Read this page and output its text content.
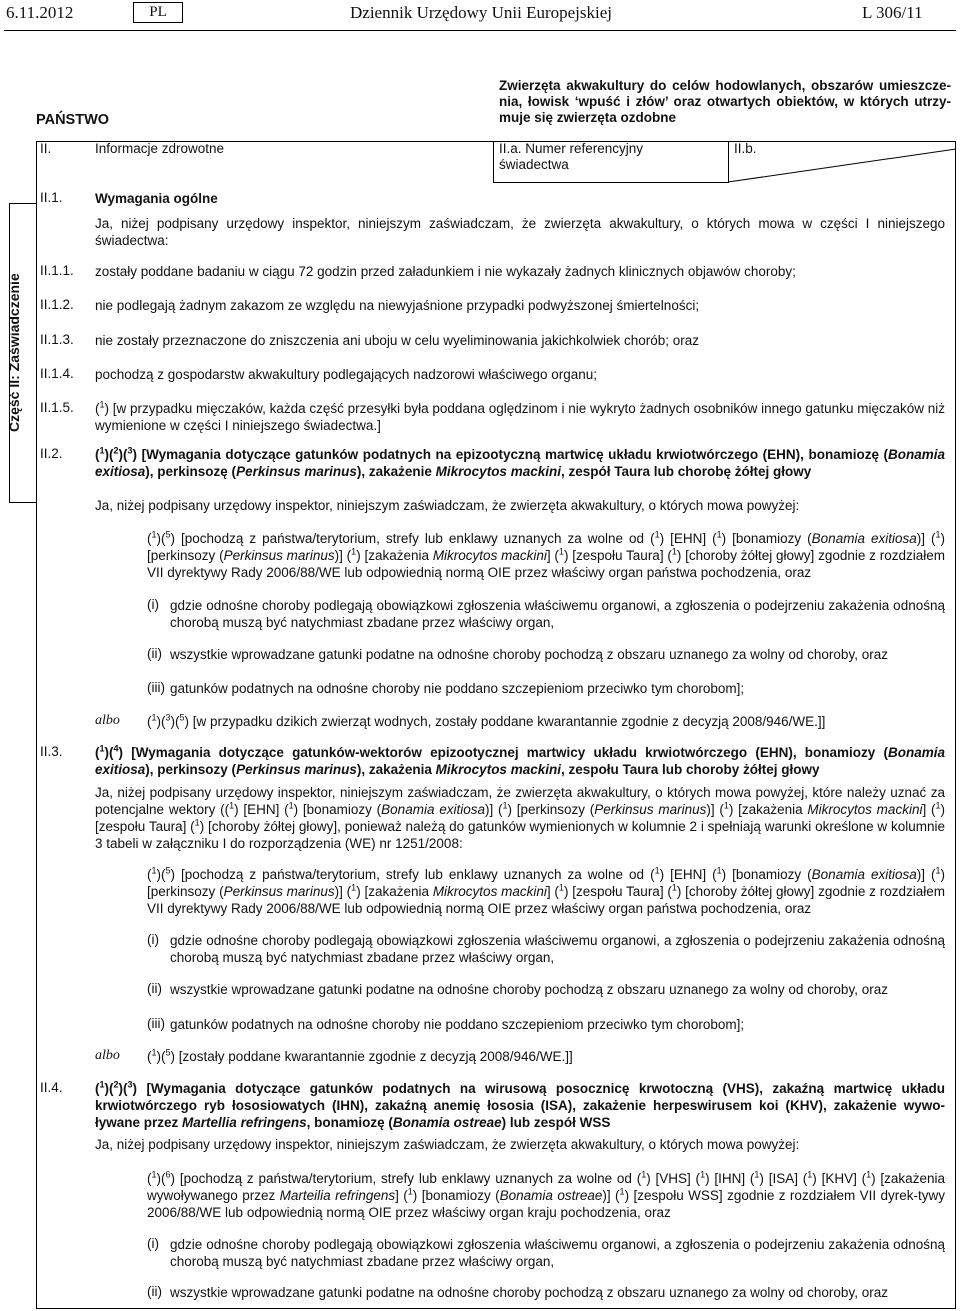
6.11.2012	PL	Dziennik Urzędowy Unii Europejskiej	L 306/11
PAŃSTWO
Zwierzęta akwakultury do celów hodowlanych, obszarów umieszcze-nia, łowisk ‘wpuść i złów’ oraz otwartych obiektów, w których utrzy-muje się zwierzęta ozdobne
II.	Informacje zdrowotne	II.a. Numer referencyjny świadectwa
II.b.
Część II: Zaświadczenie
II.1. Wymagania ogólne
Ja, niżej podpisany urzędowy inspektor, niniejszym zaświadczam, że zwierzęta akwakultury, o których mowa w części I niniejszego świadectwa:
II.1.1. zostały poddane badaniu w ciągu 72 godzin przed załadunkiem i nie wykazały żadnych klinicznych objawów choroby;
II.1.2. nie podlegają żadnym zakazom ze względu na niewyjaśnione przypadki podwyższonej śmiertelności;
II.1.3. nie zostały przeznaczone do zniszczenia ani uboju w celu wyeliminowania jakichkolwiek chorób; oraz
II.1.4. pochodzą z gospodarstw akwakultury podlegających nadzorowi właściwego organu;
II.1.5. ($^1$) [w przypadku mięczaków, każda część przesyłki była poddana oględzinom i nie wykryto żadnych osobników innego gatunku mięczaków niż wymienione w części I niniejszego świadectwa.]
II.2. ($^1$)($^2$)($^3$) [Wymagania dotyczące gatunków podatnych na epizootyczną martwicę układu krwiotwórczego (EHN), bonamiozę (Bonamia exitiosa), perkinsozę (Perkinsus marinus), zakażenie Mikrocytos mackini, zespół Taura lub chorobę żółtej głowy
Ja, niżej podpisany urzędowy inspektor, niniejszym zaświadczam, że zwierzęta akwakultury, o których mowa powyżej:
($^1$)($^5$) [pochodzą z państwa/terytorium, strefy lub enklawy uznanych za wolne od ($^1$) [EHN] ($^1$) [bonamiozy (Bonamia exitiosa)] ($^1$) [perkinsozy (Perkinsus marinus)] ($^1$) [zakażenia Mikrocytos mackini] ($^1$) [zespołu Taura] ($^1$) [choroby żółtej głowy] zgodnie z rozdziałem VII dyrektywy Rady 2006/88/WE lub odpowiednią normą OIE przez właściwy organ państwa pochodzenia, oraz
(i) gdzie odnośne choroby podlegają obowiązkowi zgłoszenia właściwemu organowi, a zgłoszenia o podejrzeniu zakażenia odnośną chorobą muszą być natychmiast zbadane przez właściwy organ,
(ii) wszystkie wprowadzane gatunki podatne na odnośne choroby pochodzą z obszaru uznanego za wolny od choroby, oraz
(iii) gatunków podatnych na odnośne choroby nie poddano szczepieniom przeciwko tym chorobom];
albo ($^1$)($^3$)($^5$) [w przypadku dzikich zwierząt wodnych, zostały poddane kwarantannie zgodnie z decyzją 2008/946/WE.]]
II.3. ($^1$)($^4$) [Wymagania dotyczące gatunków-wektorów epizootycznej martwicy układu krwiotwórczego (EHN), bonamiozy (Bonamia exitiosa), perkinsozy (Perkinsus marinus), zakażenia Mikrocytos mackini, zespołu Taura lub choroby żółtej głowy
Ja, niżej podpisany urzędowy inspektor, niniejszym zaświadczam, że zwierzęta akwakultury, o których mowa powyżej, które należy uznać za potencjalne wektory (($^1$) [EHN] ($^1$) [bonamiozy (Bonamia exitiosa)] ($^1$) [perkinsozy (Perkinsus marinus)] ($^1$) [zakażenia Mikrocytos mackini] ($^1$) [zespołu Taura] ($^1$) [choroby żółtej głowy], ponieważ należą do gatunków wymienionych w kolumnie 2 i spełniają warunki określone w kolumnie 3 tabeli w załączniku I do rozporządzenia (WE) nr 1251/2008:
($^1$)($^5$) [pochodzą z państwa/terytorium, strefy lub enklawy uznanych za wolne od ($^1$) [EHN] ($^1$) [bonamiozy (Bonamia exitiosa)] ($^1$) [perkinsozy (Perkinsus marinus)] ($^1$) [zakażenia Mikrocytos mackini] ($^1$) [zespołu Taura] ($^1$) [choroby żółtej głowy] zgodnie z rozdziałem VII dyrektywy Rady 2006/88/WE lub odpowiednią normą OIE przez właściwy organ państwa pochodzenia, oraz
(i) gdzie odnośne choroby podlegają obowiązkowi zgłoszenia właściwemu organowi, a zgłoszenia o podejrzeniu zakażenia odnośną chorobą muszą być natychmiast zbadane przez właściwy organ,
(ii) wszystkie wprowadzane gatunki podatne na odnośne choroby pochodzą z obszaru uznanego za wolny od choroby, oraz
(iii) gatunków podatnych na odnośne choroby nie poddano szczepieniom przeciwko tym chorobom];
albo ($^1$)($^5$) [zostały poddane kwarantannie zgodnie z decyzją 2008/946/WE.]]
II.4. ($^1$)($^2$)($^3$) [Wymagania dotyczące gatunków podatnych na wirusową posocznicę krwotoczną (VHS), zakaźną martwicę układu krwiotwórczego ryb łososiowatych (IHN), zakaźną anemię łososia (ISA), zakażenie herpeswirusem koi (KHV), zakażenie wywo-ływane przez Martellia refringens, bonamiozę (Bonamia ostreae) lub zespół WSS
Ja, niżej podpisany urzędowy inspektor, niniejszym zaświadczam, że zwierzęta akwakultury, o których mowa powyżej:
($^1$)($^6$) [pochodzą z państwa/terytorium, strefy lub enklawy uznanych za wolne od ($^1$) [VHS] ($^1$) [IHN] ($^1$) [ISA] ($^1$) [KHV] ($^1$) [zakażenia wywoływanego przez Marteilia refringens] ($^1$) [bonamiozy (Bonamia ostreae)] ($^1$) [zespołu WSS] zgodnie z rozdziałem VII dyrek-tywy 2006/88/WE lub odpowiednią normą OIE przez właściwy organ kraju pochodzenia, oraz
(i) gdzie odnośne choroby podlegają obowiązkowi zgłoszenia właściwemu organowi, a zgłoszenia o podejrzeniu zakażenia odnośną chorobą muszą być natychmiast zbadane przez właściwy organ,
(ii) wszystkie wprowadzane gatunki podatne na odnośne choroby pochodzą z obszaru uznanego za wolny od choroby, oraz
